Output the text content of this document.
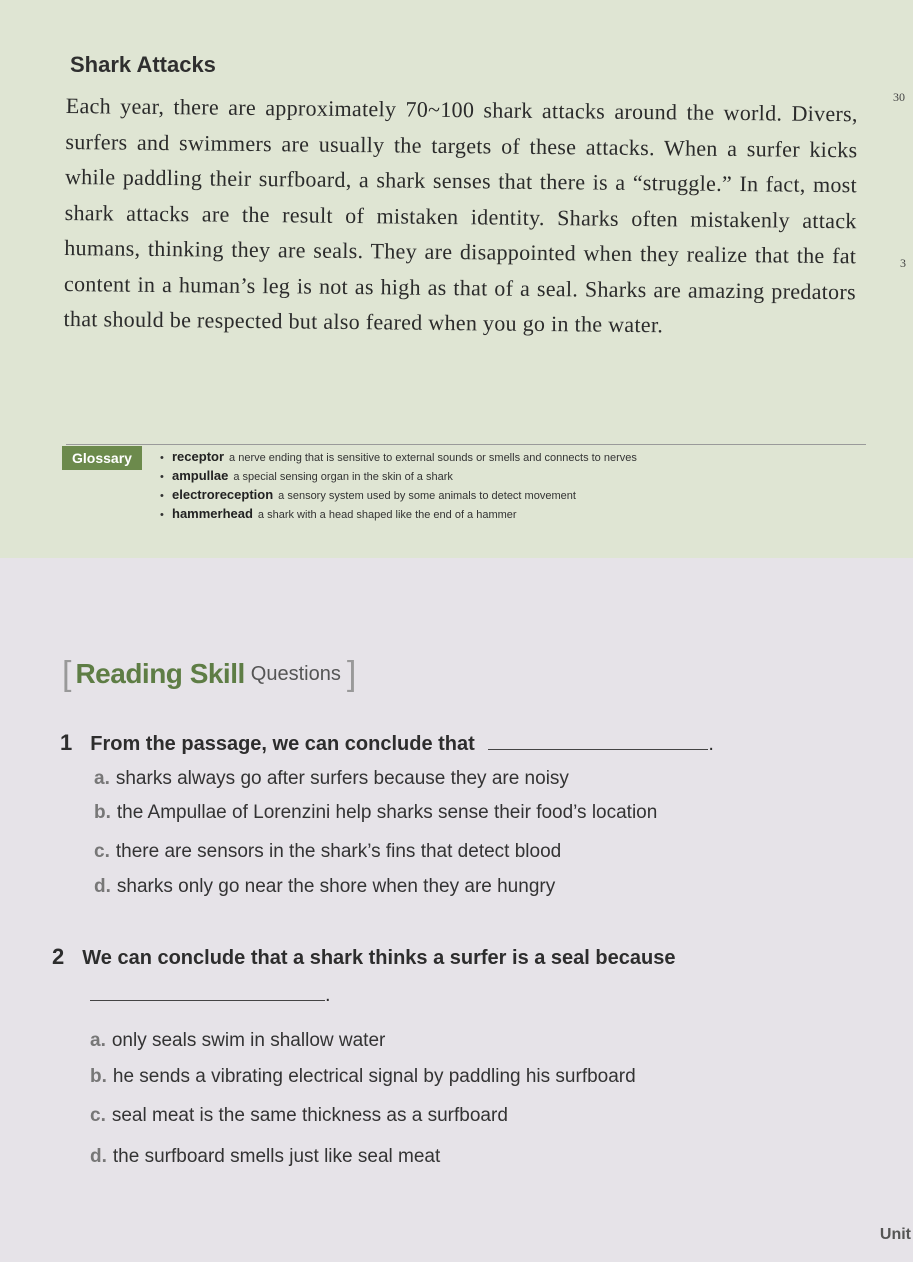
Shark Attacks
30
3

Each year, there are approximately 70~100 shark attacks around the world. Divers, surfers and swimmers are usually the targets of these attacks. When a surfer kicks while paddling their surfboard, a shark senses that there is a “struggle.” In fact, most shark attacks are the result of mistaken identity. Sharks often mistakenly attack humans, thinking they are seals. They are disappointed when they realize that the fat content in a human’s leg is not as high as that of a seal. Sharks are amazing predators that should be respected but also feared when you go in the water.

Glossary	• receptor a nerve ending that is sensitive to external sounds or smells and connects to nerves
• ampullae a special sensing organ in the skin of a shark
• electroreception a sensory system used by some animals to detect movement
• hammerhead a shark with a head shaped like the end of a hammer
[ Reading Skill Questions ]
1 From the passage, we can conclude that	.
a. sharks always go after surfers because they are noisy
b. the Ampullae of Lorenzini help sharks sense their food’s location
c. there are sensors in the shark’s fins that detect blood
d. sharks only go near the shore when they are hungry
2 We can conclude that a shark thinks a surfer is a seal because
.
a. only seals swim in shallow water
b. he sends a vibrating electrical signal by paddling his surfboard
c. seal meat is the same thickness as a surfboard
d. the surfboard smells just like seal meat
Unit
